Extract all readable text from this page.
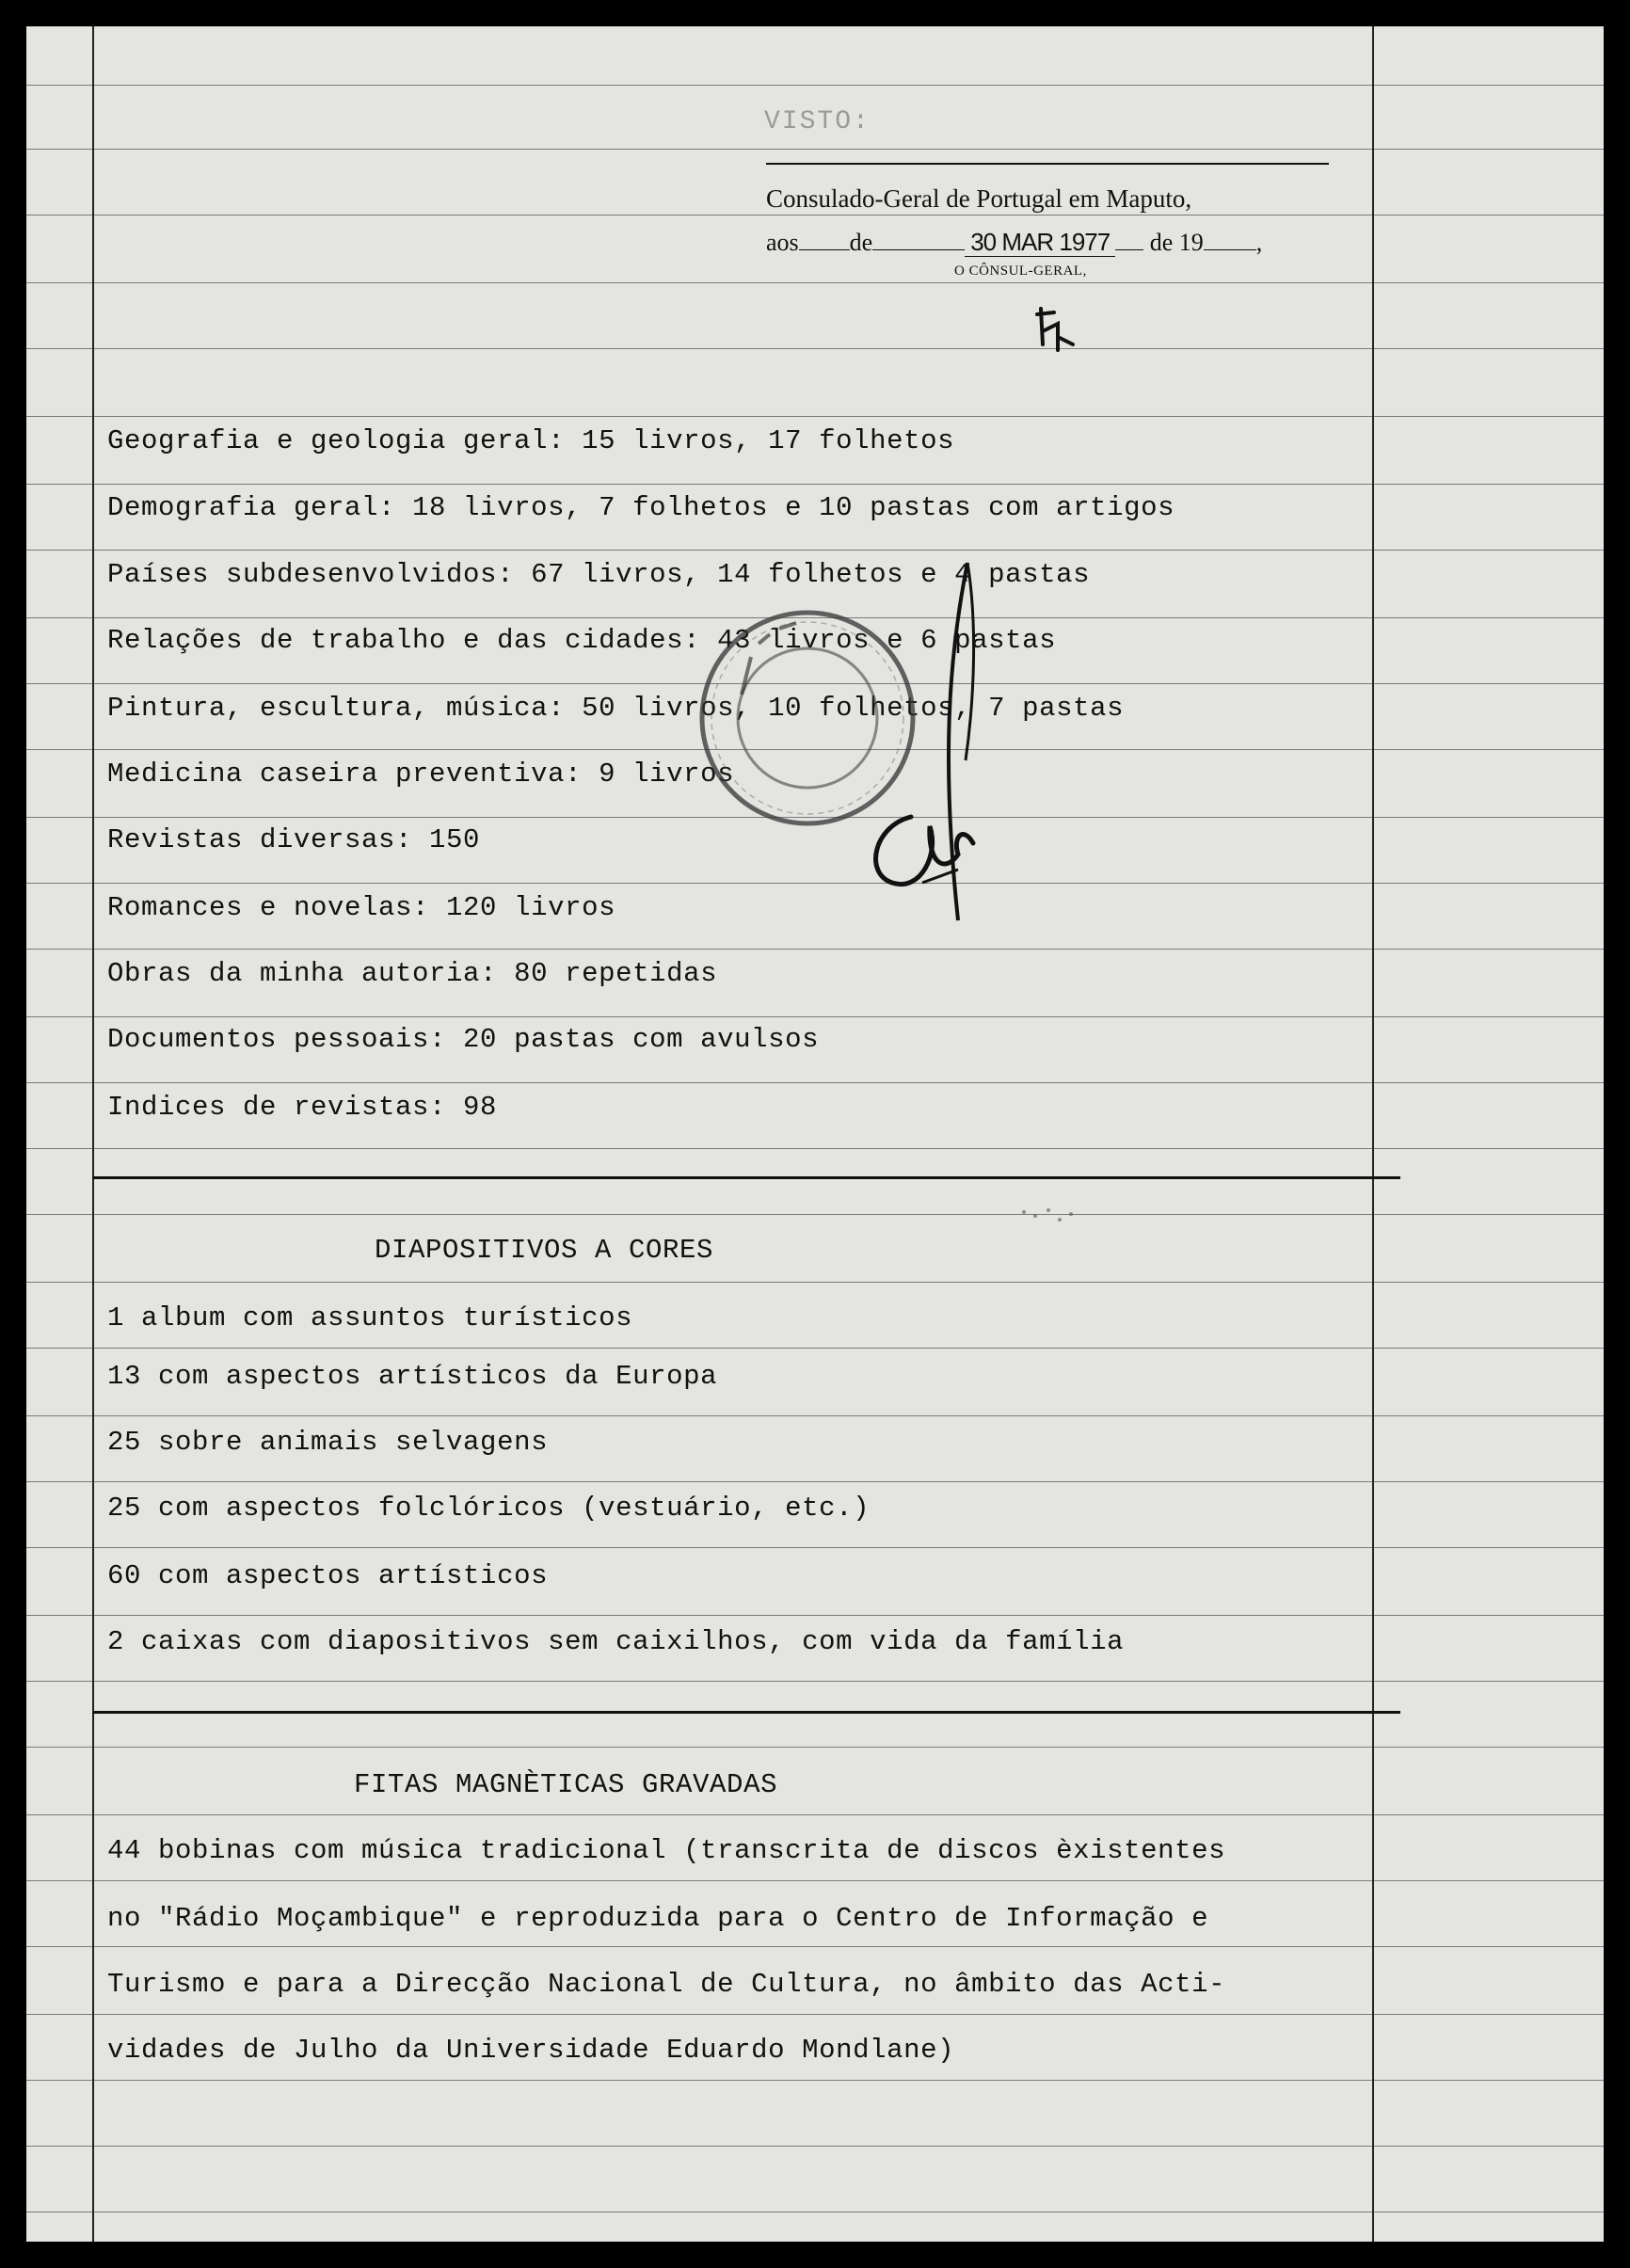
VISTO:
Consulado-Geral de Portugal em Maputo,
aos de	30 MAR 1977 de 19 ,
O CÔNSUL-GERAL,
Geografia e geologia geral: 15 livros, 17 folhetos
Demografia geral: 18 livros, 7 folhetos e 10 pastas com artigos
Países subdesenvolvidos: 67 livros, 14 folhetos e 4 pastas
Relações de trabalho e das cidades: 43 livros e 6 pastas
Pintura, escultura, música: 50 livros, 10 folhetos, 7 pastas
Medicina caseira preventiva: 9 livros
Revistas diversas: 150
Romances e novelas: 120 livros
Obras da minha autoria: 80 repetidas
Documentos pessoais: 20 pastas com avulsos
Indices de revistas: 98
DIAPOSITIVOS A CORES
1 album com assuntos turísticos
13 com aspectos artísticos da Europa
25 sobre animais selvagens
25 com aspectos folclóricos (vestuário, etc.)
60 com aspectos artísticos
2 caixas com diapositivos sem caixilhos, com vida da família
FITAS MAGNÈTICAS GRAVADAS
44 bobinas com música tradicional (transcrita de discos èxistentes
no "Rádio Moçambique" e reproduzida para o Centro de Informação e
Turismo e para a Direcção Nacional de Cultura, no âmbito das Acti-
vidades de Julho da Universidade Eduardo Mondlane)
